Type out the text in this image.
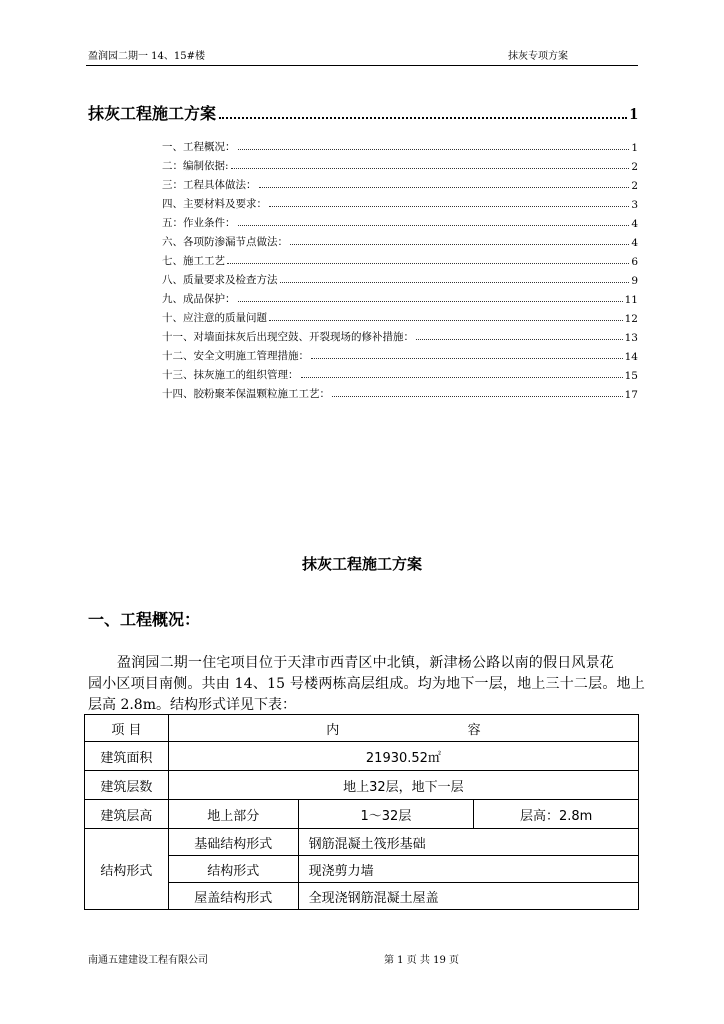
盈润园二期一 14、15#楼	抹灰专项方案
抹灰工程施工方案	1
一、工程概况：	1
二：编制依据:	2
三：工程具体做法：	2
四、主要材料及要求：	3
五：作业条件：	4
六、各项防渗漏节点做法：	4
七、施工工艺	6
八、质量要求及检查方法	9
九、成品保护：	11
十、应注意的质量问题	12
十一、对墙面抹灰后出现空鼓、开裂现场的修补措施：	13
十二、安全文明施工管理措施：	14
十三、抹灰施工的组织管理：	15
十四、胶粉聚苯保温颗粒施工工艺：	17
抹灰工程施工方案
一、工程概况：
盈润园二期一住宅项目位于天津市西青区中北镇，新津杨公路以南的假日风景花
园小区项目南侧。共由 14、15 号楼两栋高层组成。均为地下一层，地上三十二层。地上
层高 2.8m。结构形式详见下表：
项 目	内 容		
建筑面积	21930.52㎡		
建筑层数	地上32层，地下一层		
建筑层高	地上部分	1～32层	层高：2.8m
结构形式	基础结构形式	钢筋混凝土筏形基础	
	结构形式	现浇剪力墙	
	屋盖结构形式	全现浇钢筋混凝土屋盖	
南通五建建设工程有限公司	第 1 页 共 19 页
